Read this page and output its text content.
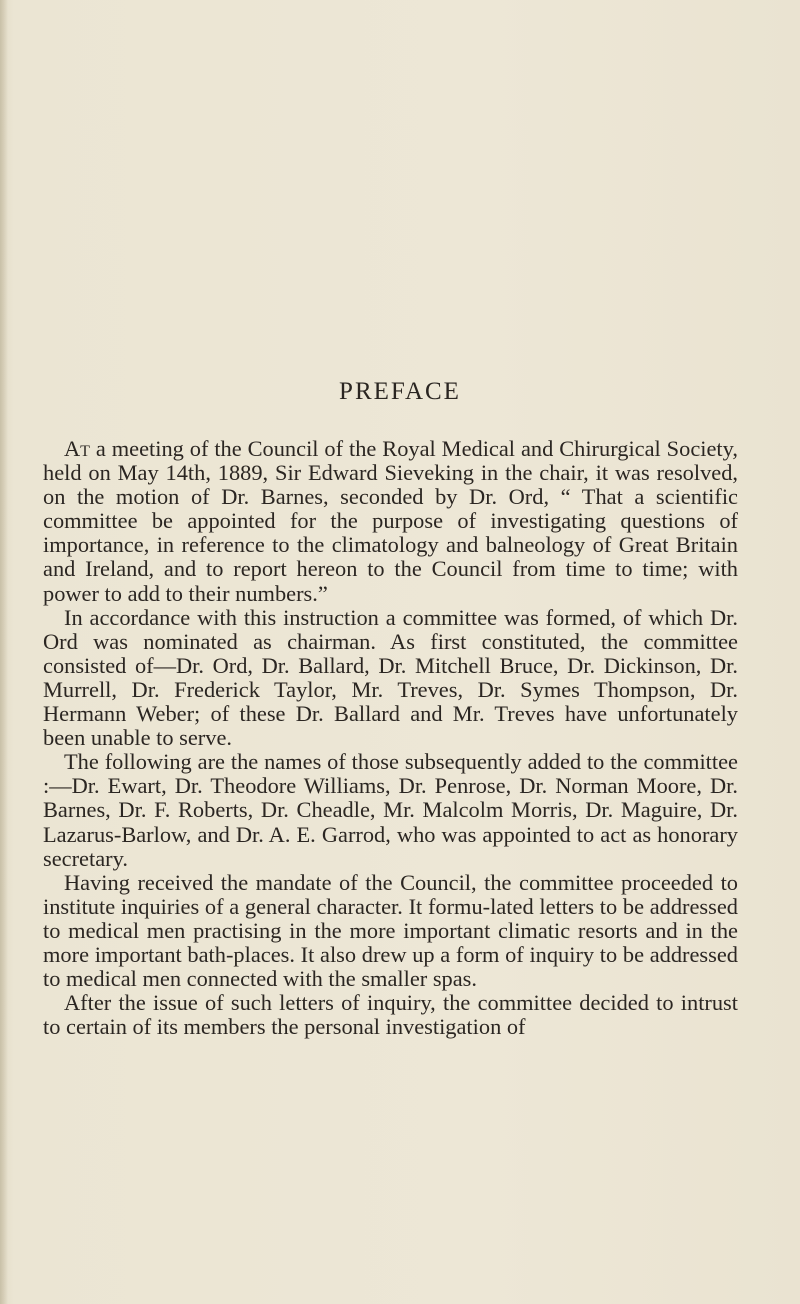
PREFACE

At a meeting of the Council of the Royal Medical and Chirurgical Society, held on May 14th, 1889, Sir Edward Sieveking in the chair, it was resolved, on the motion of Dr. Barnes, seconded by Dr. Ord, “ That a scientific committee be appointed for the purpose of investigating questions of importance, in reference to the climatology and balneology of Great Britain and Ireland, and to report hereon to the Council from time to time; with power to add to their numbers.”

In accordance with this instruction a committee was formed, of which Dr. Ord was nominated as chairman. As first constituted, the committee consisted of—Dr. Ord, Dr. Ballard, Dr. Mitchell Bruce, Dr. Dickinson, Dr. Murrell, Dr. Frederick Taylor, Mr. Treves, Dr. Symes Thompson, Dr. Hermann Weber; of these Dr. Ballard and Mr. Treves have unfortunately been unable to serve.

The following are the names of those subsequently added to the committee :—Dr. Ewart, Dr. Theodore Williams, Dr. Penrose, Dr. Norman Moore, Dr. Barnes, Dr. F. Roberts, Dr. Cheadle, Mr. Malcolm Morris, Dr. Maguire, Dr. Lazarus-Barlow, and Dr. A. E. Garrod, who was appointed to act as honorary secretary.

Having received the mandate of the Council, the committee proceeded to institute inquiries of a general character. It formu-lated letters to be addressed to medical men practising in the more important climatic resorts and in the more important bath-places. It also drew up a form of inquiry to be addressed to medical men connected with the smaller spas.

After the issue of such letters of inquiry, the committee decided to intrust to certain of its members the personal investigation of
